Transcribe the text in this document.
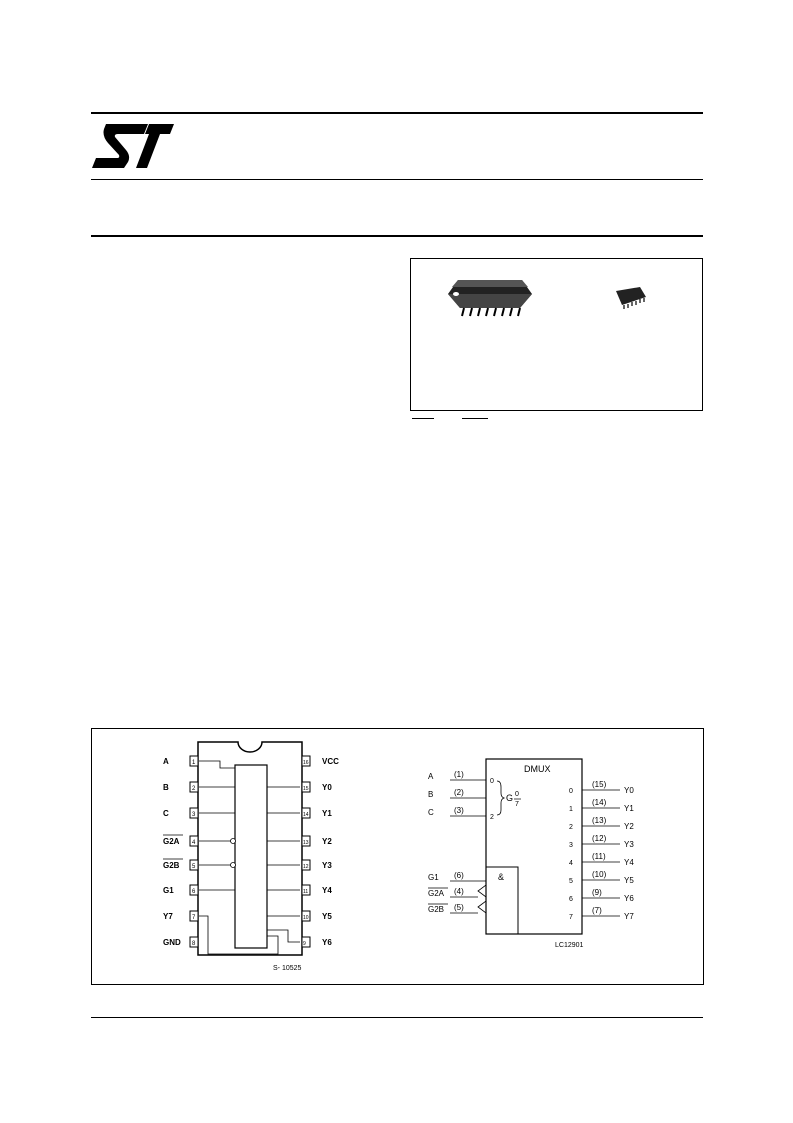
ST
1
A
2
B
3
C
4
G2A
5
G2B
6
G1
7
Y7
8
GND
16 VCC
15 Y0
14 Y1
13 Y2
12 Y3
11 Y4
10 Y5
9 Y6
S- 10525
DMUX
&
G 0
7
A	(1)
0
B	(2)
C	(3)
2
G1 (6)
G2A (4)
G2B (5)
0
(15)
Y0
1
(14)
Y1
2
(13)
Y2
3
(12)
Y3
4
(11)
Y4
5
(10)
Y5
6
(9)
Y6
7
(7)
Y7
LC12901
